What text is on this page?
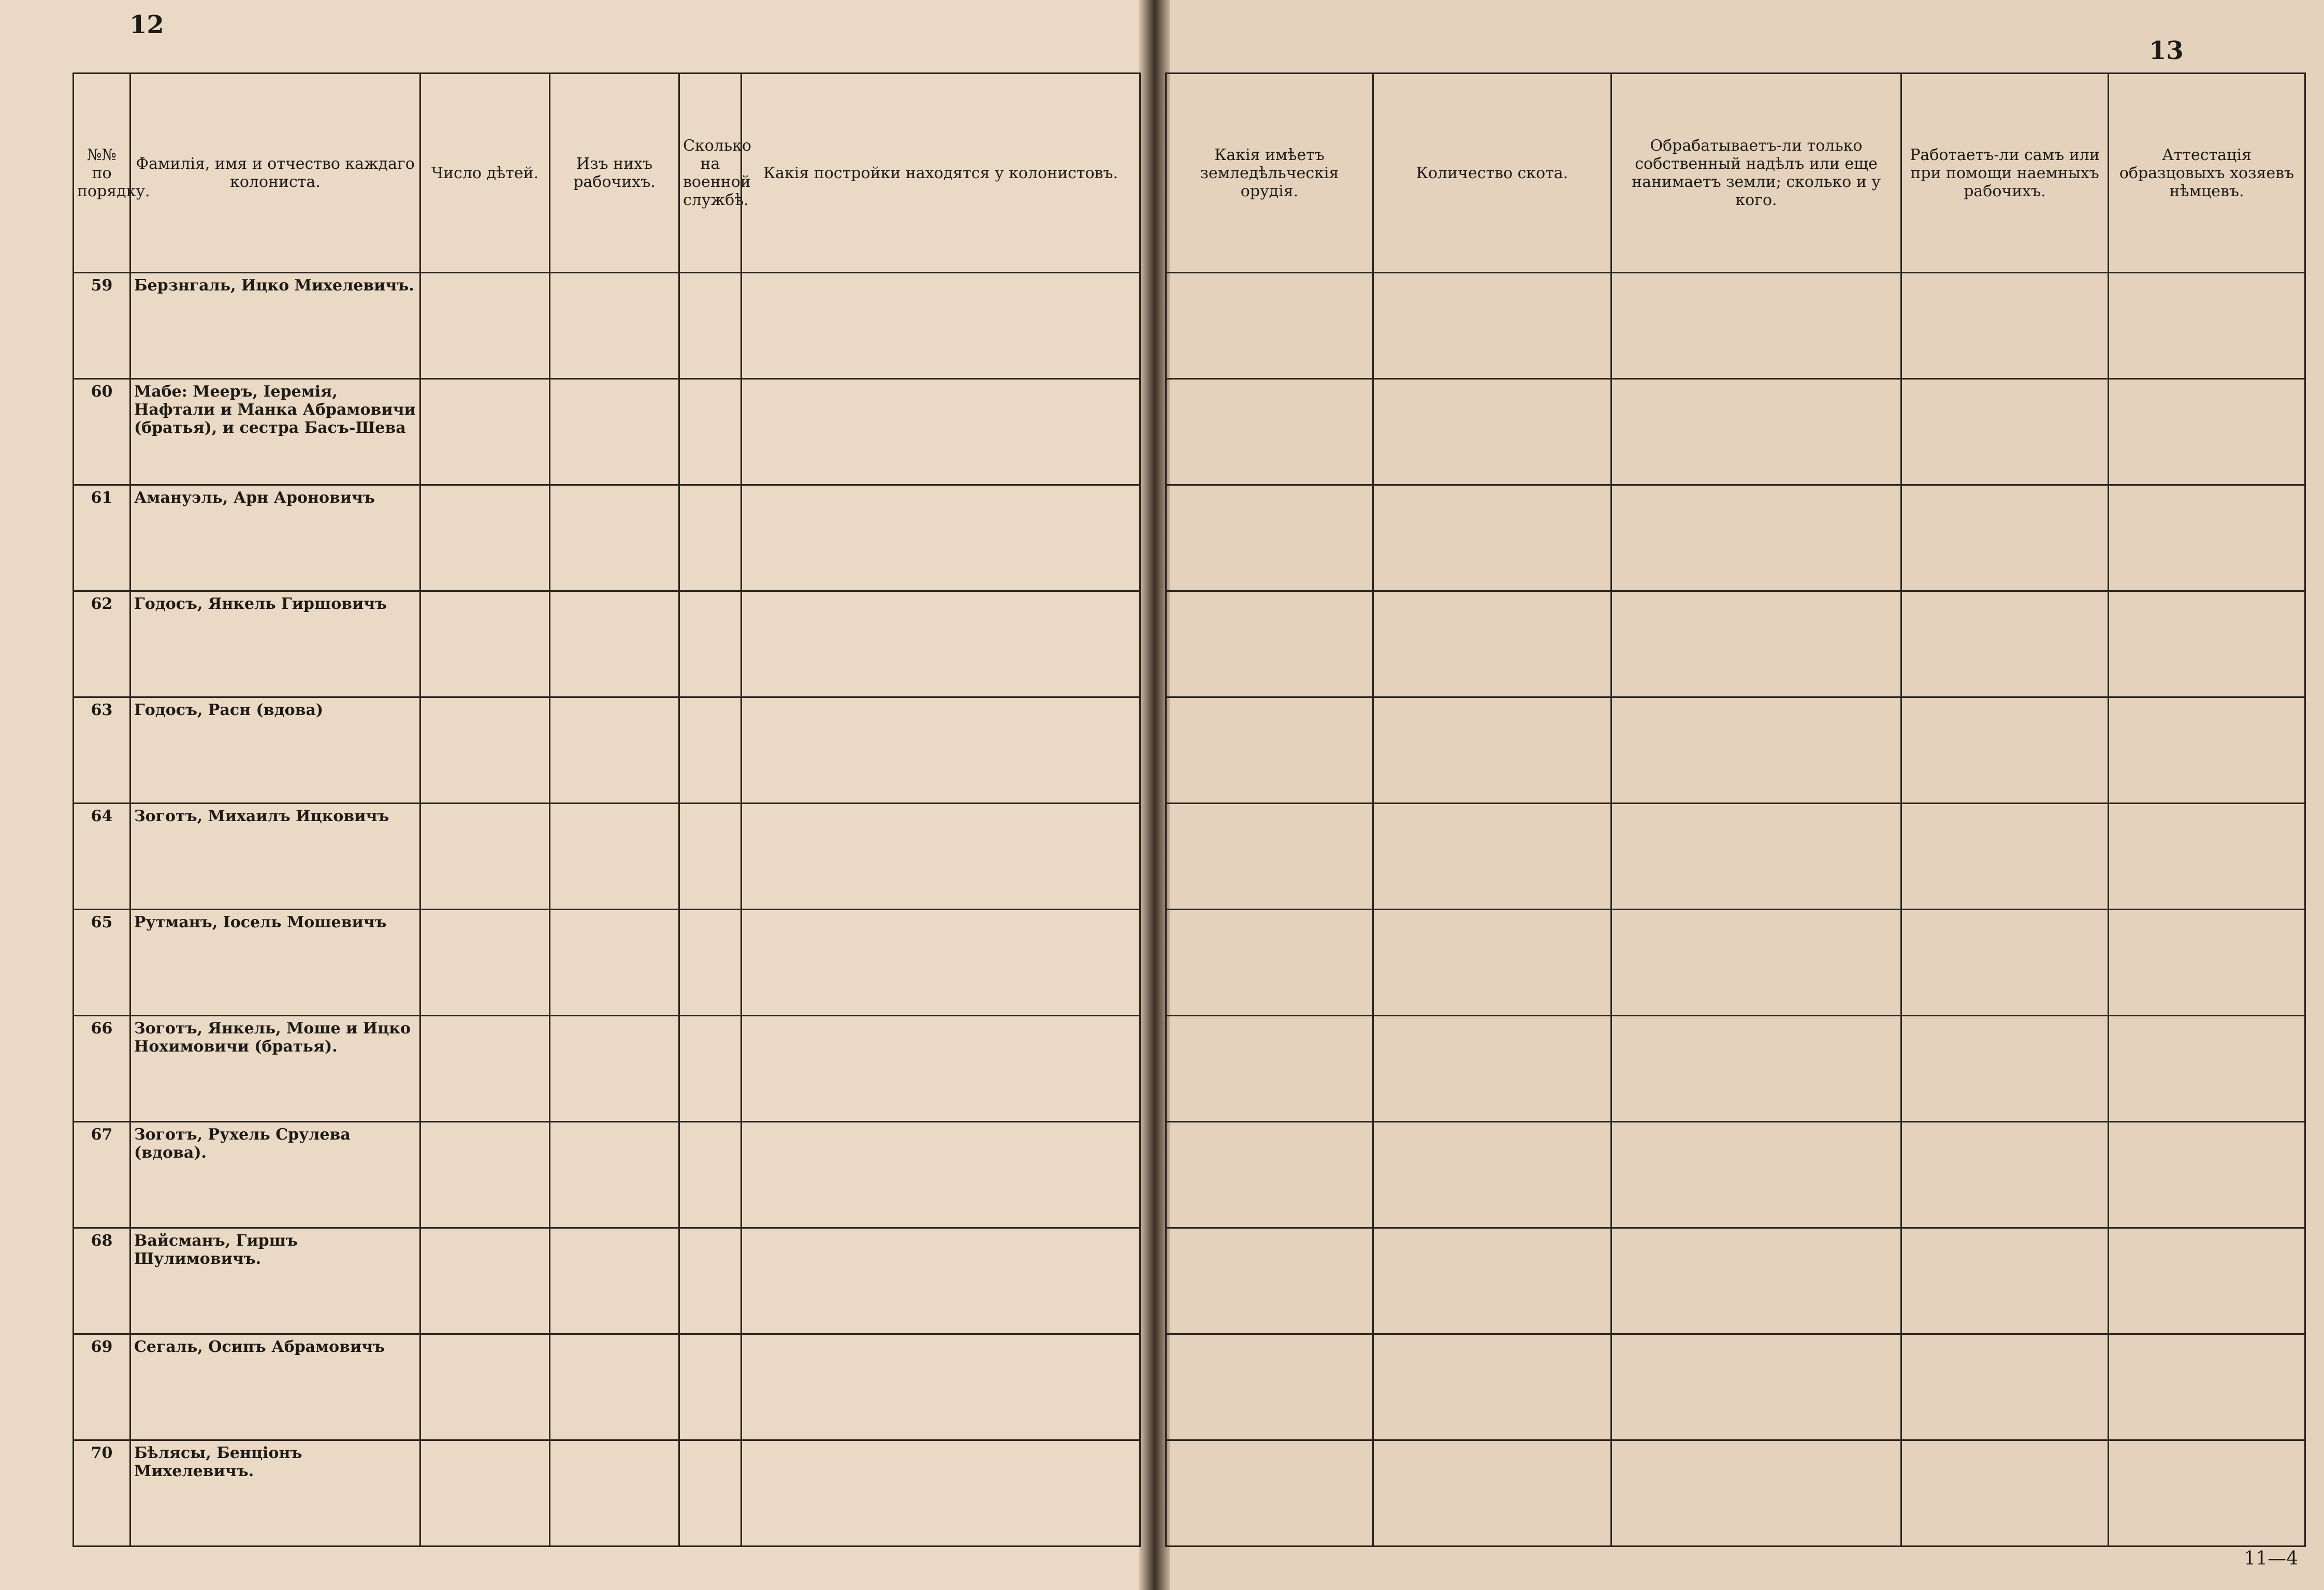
12
13
11—4
№№ по порядку.	Фамилія, имя и отчество каждаго колониста.	Число дѣтей.	Изъ нихъ рабочихъ.	Сколько на военной службѣ.	Какія постройки находятся у колонистовъ.
59	Берзнгаль, Ицко Михелевичъ.				
60	Мабе: Мееръ, Іеремія, Нафтали и Манка Абрамовичи (братья), и сестра Басъ-Шева				
61	Амануэль, Арн Ароновичъ				
62	Годосъ, Янкель Гиршовичъ				
63	Годосъ, Расн (вдова)				
64	Зоготъ, Михаилъ Ицковичъ				
65	Рутманъ, Іосель Мошевичъ				
66	Зоготъ, Янкель, Моше и Ицко Нохимовичи (братья).				
67	Зоготъ, Рухель Срулева (вдова).				
68	Вайсманъ, Гиршъ Шулимовичъ.				
69	Сегаль, Осипъ Абрамовичъ				
70	Бѣлясы, Бенціонъ Михелевичъ.				
Какія имѣетъ земледѣльческія орудія.	Количество скота.	Обрабатываетъ-ли только собственный надѣлъ или еще нанимаетъ земли; сколько и у кого.	Работаетъ-ли самъ или при помощи наемныхъ рабочихъ.	Аттестація образцовыхъ хозяевъ нѣмцевъ.
